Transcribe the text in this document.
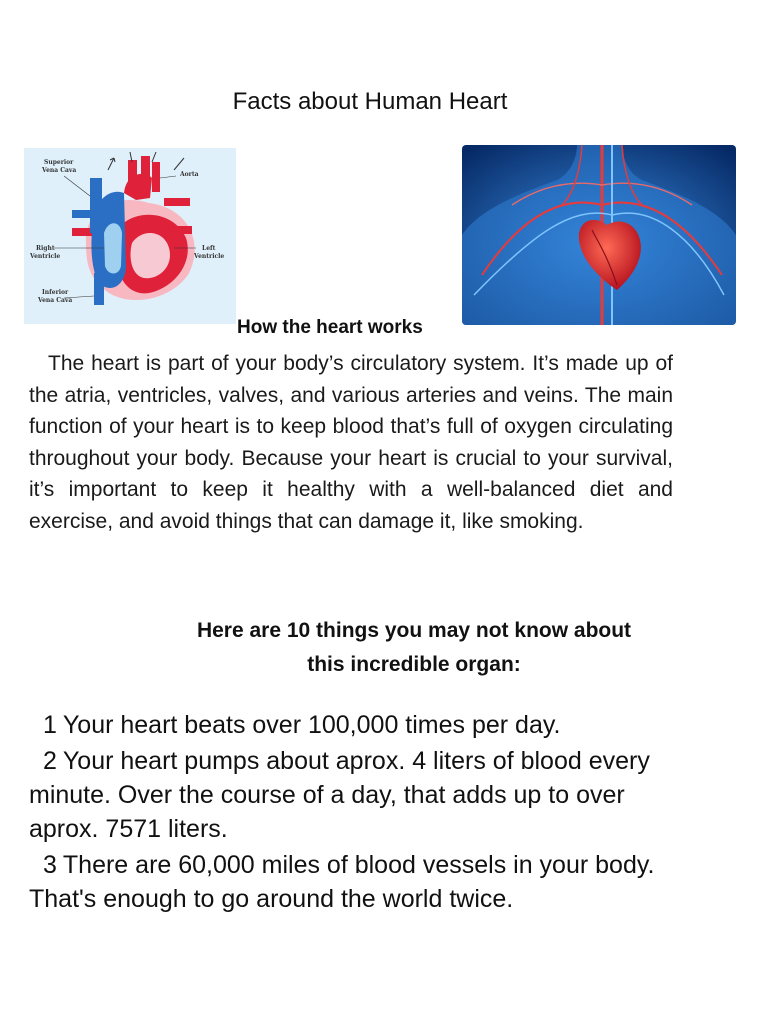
Facts about Human Heart
Superior
Vena Cava
Aorta
Right
Ventricle
Left
Ventricle
Inferior
Vena Cava

How the heart works

The heart is part of your body’s circulatory system. It’s made up of the atria, ventricles, valves, and various arteries and veins. The main function of your heart is to keep blood that’s full of oxygen circulating throughout your body. Because your heart is crucial to your survival, it’s important to keep it healthy with a well-balanced diet and exercise, and avoid things that can damage it, like smoking.

Here are 10 things you may not know about
this incredible organ:
1 Your heart beats over 100,000 times per day.
2 Your heart pumps about aprox. 4 liters of blood every minute. Over the course of a day, that adds up to over aprox. 7571 liters.
3 There are 60,000 miles of blood vessels in your body. That's enough to go around the world twice.
